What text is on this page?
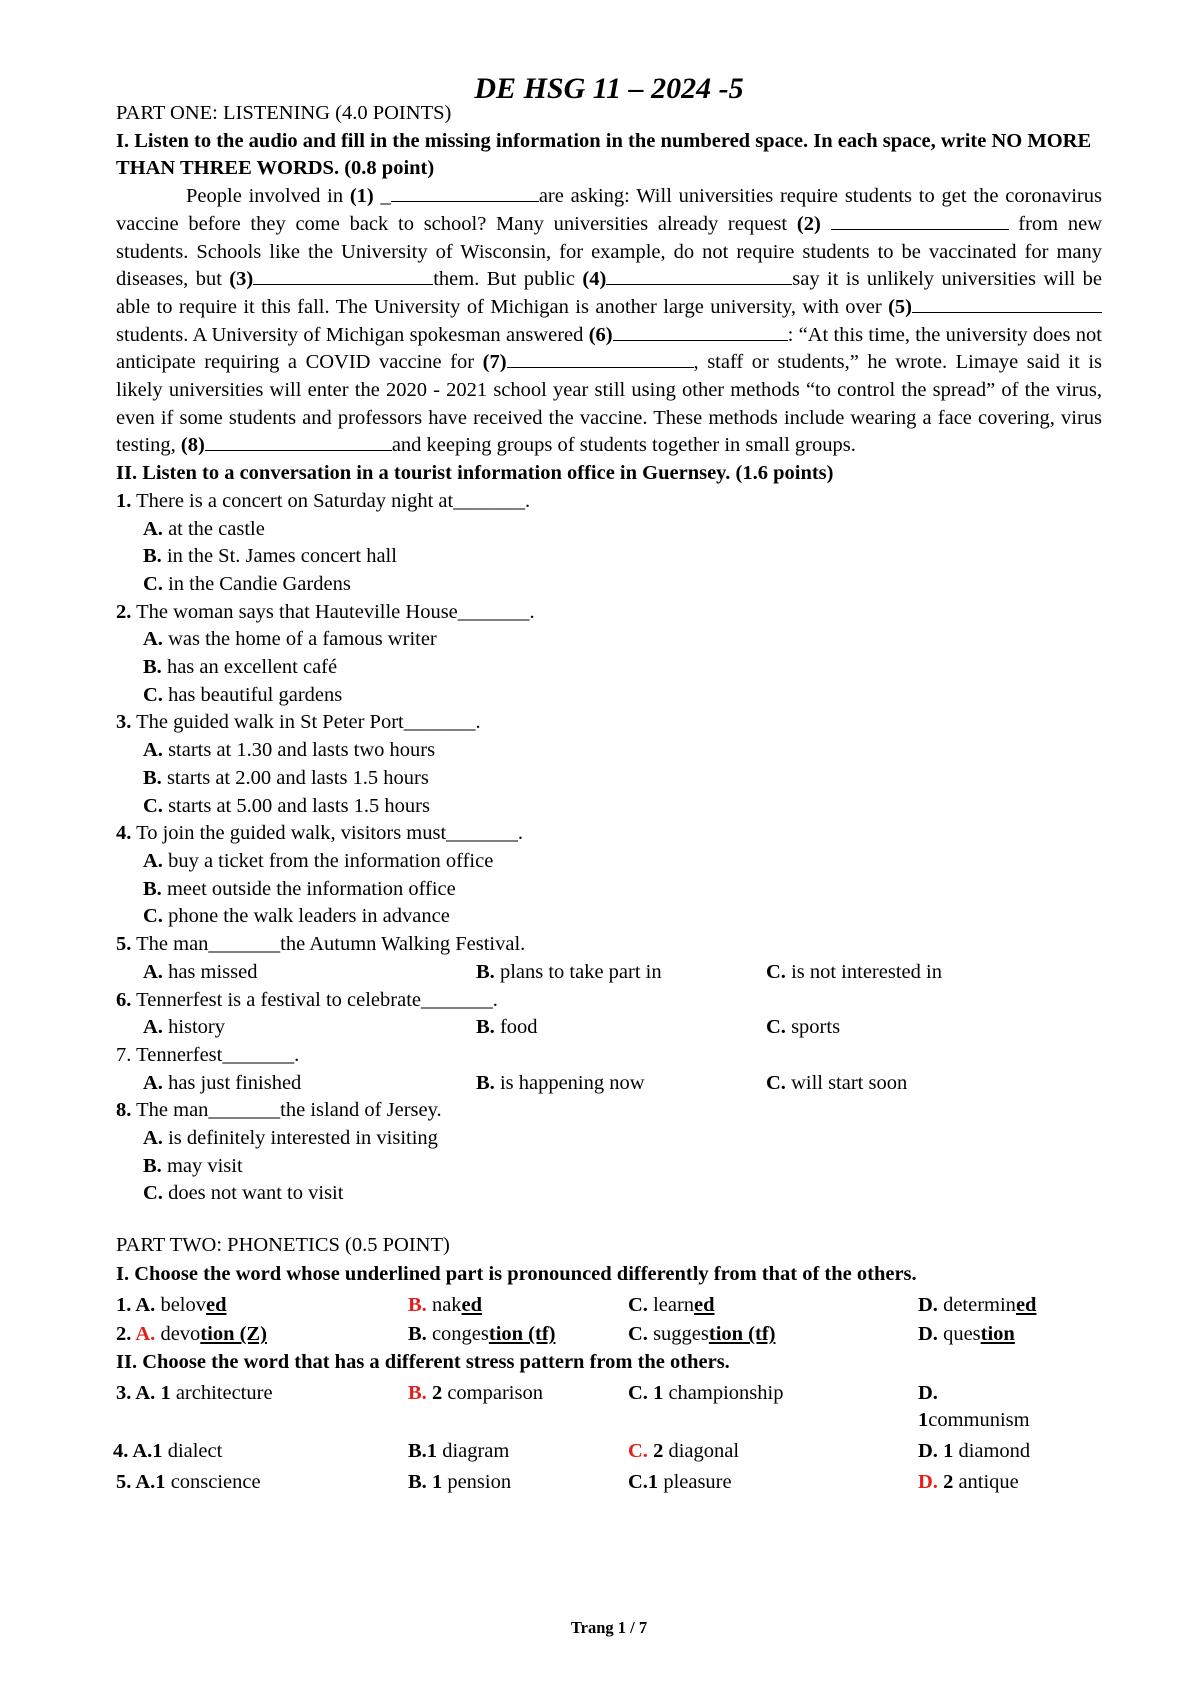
DE HSG 11 – 2024 -5
PART ONE: LISTENING (4.0 POINTS)
I. Listen to the audio and fill in the missing information in the numbered space. In each space, write NO MORE THAN THREE WORDS. (0.8 point)
People involved in (1) _	are asking: Will universities require students to get the coronavirus vaccine before they come back to school? Many universities already request (2)	from new students. Schools like the University of Wisconsin, for example, do not require students to be vaccinated for many diseases, but (3)	them. But public (4)	say it is unlikely universities will be able to require it this fall. The University of Michigan is another large university, with over (5)students. A University of Michigan spokesman answered (6)	: “At this time, the university does not anticipate requiring a COVID vaccine for (7)	, staff or students,” he wrote. Limaye said it is likely universities will enter the 2020 - 2021 school year still using other methods “to control the spread” of the virus, even if some students and professors have received the vaccine. These methods include wearing a face covering, virus testing, (8)	and keeping groups of students together in small groups.
II. Listen to a conversation in a tourist information office in Guernsey. (1.6 points)
1. There is a concert on Saturday night at_______.
A. at the castle
B. in the St. James concert hall
C. in the Candie Gardens
2. The woman says that Hauteville House_______.
A. was the home of a famous writer
B. has an excellent café
C. has beautiful gardens
3. The guided walk in St Peter Port_______.
A. starts at 1.30 and lasts two hours
B. starts at 2.00 and lasts 1.5 hours
C. starts at 5.00 and lasts 1.5 hours
4. To join the guided walk, visitors must_______.
A. buy a ticket from the information office
B. meet outside the information office
C. phone the walk leaders in advance
5. The man_______the Autumn Walking Festival.
A. has missed	B. plans to take part in	C. is not interested in
6. Tennerfest is a festival to celebrate_______.
A. history	B. food	C. sports
7. Tennerfest_______.
A. has just finished	B. is happening now	C. will start soon
8. The man_______the island of Jersey.
A. is definitely interested in visiting
B. may visit
C. does not want to visit
PART TWO: PHONETICS (0.5 POINT)
I. Choose the word whose underlined part is pronounced differently from that of the others.
1. A. beloved	B. naked	C. learned	D. determined
2. A. devotion (Z)	B. congestion (tf)	C. suggestion (tf)	D. question
II. Choose the word that has a different stress pattern from the others.
3. A. 1 architecture	B. 2 comparison	C. 1 championship	D.
1communism
4. A.1 dialect	B.1 diagram	C. 2 diagonal	D. 1 diamond
5. A.1 conscience	B. 1 pension	C.1 pleasure	D. 2 antique
Trang 1 / 7
